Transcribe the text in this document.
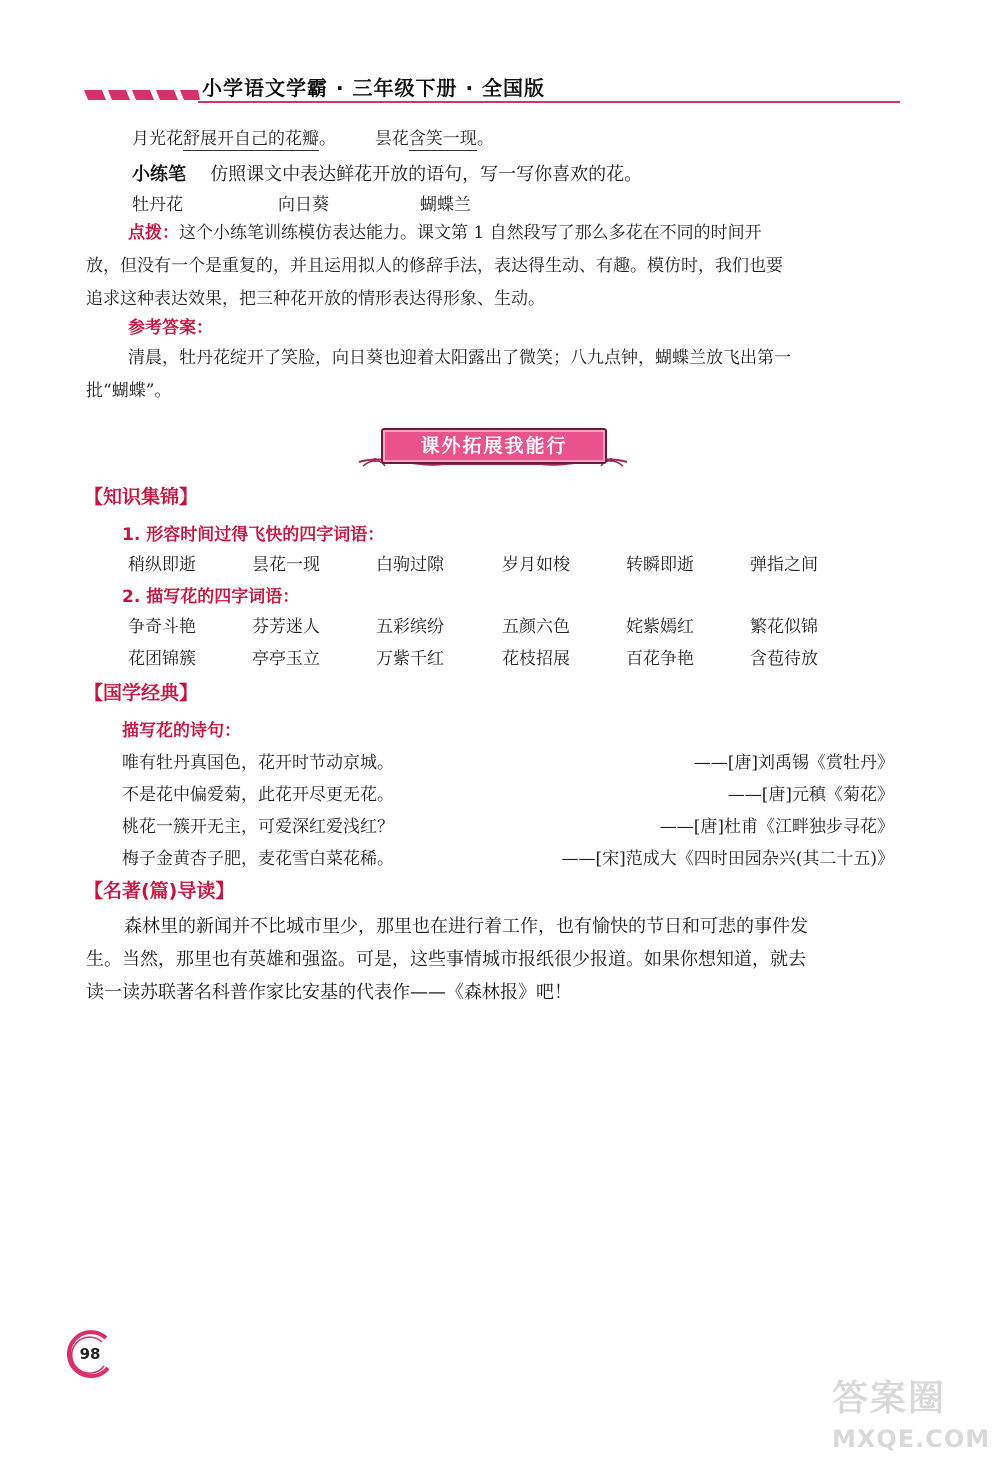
小学语文学霸 · 三年级下册 · 全国版
月光花舒展开自己的花瓣。 昙花含笑一现。
小练笔 仿照课文中表达鲜花开放的语句，写一写你喜欢的花。
牡丹花	向日葵	蝴蝶兰
点拨：这个小练笔训练模仿表达能力。课文第 1 自然段写了那么多花在不同的时间开
放，但没有一个是重复的，并且运用拟人的修辞手法，表达得生动、有趣。模仿时，我们也要
追求这种表达效果，把三种花开放的情形表达得形象、生动。
参考答案：
清晨，牡丹花绽开了笑脸，向日葵也迎着太阳露出了微笑；八九点钟，蝴蝶兰放飞出第一
批“蝴蝶”。
课外拓展我能行
【知识集锦】
1. 形容时间过得飞快的四字词语：
稍纵即逝	昙花一现	白驹过隙	岁月如梭	转瞬即逝	弹指之间
2. 描写花的四字词语：
争奇斗艳	芬芳迷人	五彩缤纷	五颜六色	姹紫嫣红	繁花似锦
花团锦簇	亭亭玉立	万紫千红	花枝招展	百花争艳	含苞待放
【国学经典】
描写花的诗句：
唯有牡丹真国色，花开时节动京城。	——[唐]刘禹锡《赏牡丹》
不是花中偏爱菊，此花开尽更无花。	——[唐]元稹《菊花》
桃花一簇开无主，可爱深红爱浅红？	——[唐]杜甫《江畔独步寻花》
梅子金黄杏子肥，麦花雪白菜花稀。	——[宋]范成大《四时田园杂兴(其二十五)》
【名著(篇)导读】
森林里的新闻并不比城市里少，那里也在进行着工作，也有愉快的节日和可悲的事件发
生。当然，那里也有英雄和强盗。可是，这些事情城市报纸很少报道。如果你想知道，就去
读一读苏联著名科普作家比安基的代表作——《森林报》吧！
98
答案圈
MXQE.COM
